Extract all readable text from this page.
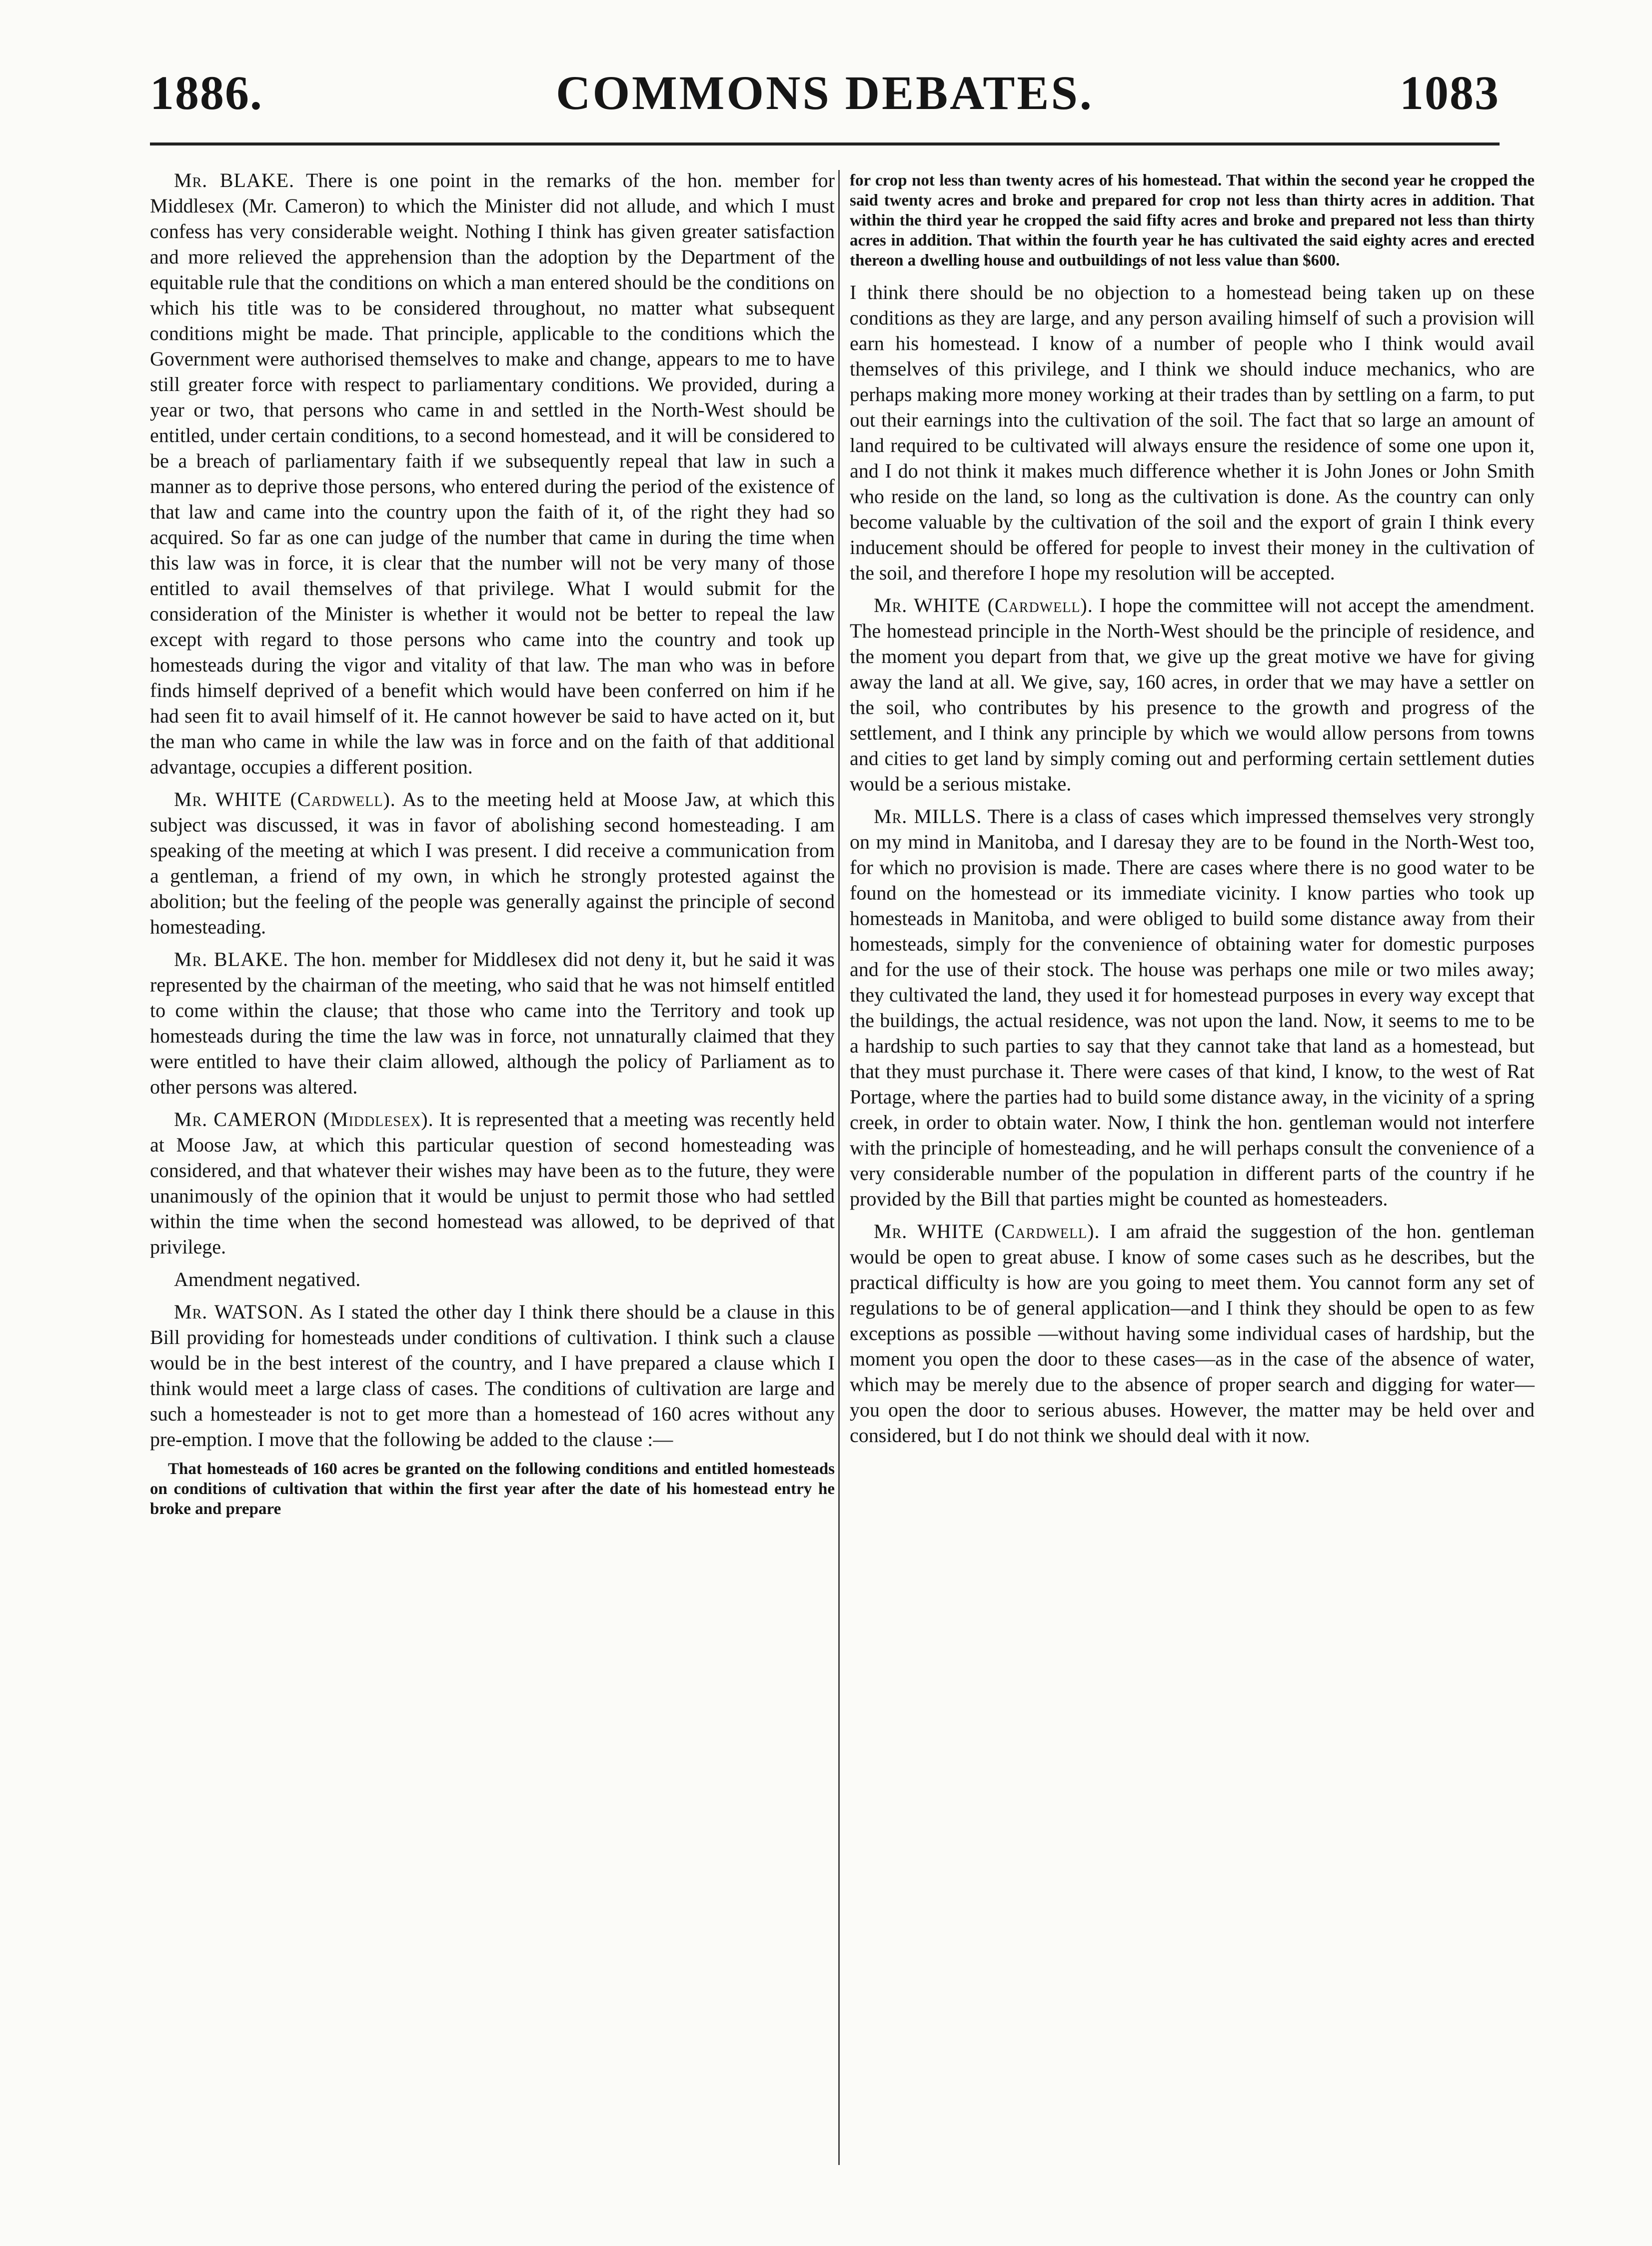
1886.	COMMONS DEBATES.	1083

Mr. BLAKE. There is one point in the remarks of the hon. member for Middlesex (Mr. Cameron) to which the Minister did not allude, and which I must confess has very considerable weight. Nothing I think has given greater satisfaction and more relieved the apprehension than the adoption by the Department of the equitable rule that the conditions on which a man entered should be the conditions on which his title was to be considered throughout, no matter what subsequent conditions might be made. That principle, applicable to the conditions which the Government were authorised themselves to make and change, appears to me to have still greater force with respect to parliamentary conditions. We provided, during a year or two, that persons who came in and settled in the North-West should be entitled, under certain conditions, to a second homestead, and it will be considered to be a breach of parliamentary faith if we subsequently repeal that law in such a manner as to deprive those persons, who entered during the period of the existence of that law and came into the country upon the faith of it, of the right they had so acquired. So far as one can judge of the number that came in during the time when this law was in force, it is clear that the number will not be very many of those entitled to avail themselves of that privilege. What I would submit for the consideration of the Minister is whether it would not be better to repeal the law except with regard to those persons who came into the country and took up homesteads during the vigor and vitality of that law. The man who was in before finds himself deprived of a benefit which would have been conferred on him if he had seen fit to avail himself of it. He cannot however be said to have acted on it, but the man who came in while the law was in force and on the faith of that additional advantage, occupies a different position.

Mr. WHITE (Cardwell). As to the meeting held at Moose Jaw, at which this subject was discussed, it was in favor of abolishing second homesteading. I am speaking of the meeting at which I was present. I did receive a communication from a gentleman, a friend of my own, in which he strongly protested against the abolition; but the feeling of the people was generally against the principle of second homesteading.

Mr. BLAKE. The hon. member for Middlesex did not deny it, but he said it was represented by the chairman of the meeting, who said that he was not himself entitled to come within the clause; that those who came into the Territory and took up homesteads during the time the law was in force, not unnaturally claimed that they were entitled to have their claim allowed, although the policy of Parliament as to other persons was altered.

Mr. CAMERON (Middlesex). It is represented that a meeting was recently held at Moose Jaw, at which this particular question of second homesteading was considered, and that whatever their wishes may have been as to the future, they were unanimously of the opinion that it would be unjust to permit those who had settled within the time when the second homestead was allowed, to be deprived of that privilege.

Amendment negatived.

Mr. WATSON. As I stated the other day I think there should be a clause in this Bill providing for homesteads under conditions of cultivation. I think such a clause would be in the best interest of the country, and I have prepared a clause which I think would meet a large class of cases. The conditions of cultivation are large and such a homesteader is not to get more than a homestead of 160 acres without any pre-emption. I move that the following be added to the clause :—

That homesteads of 160 acres be granted on the following conditions and entitled homesteads on conditions of cultivation that within the first year after the date of his homestead entry he broke and prepare

for crop not less than twenty acres of his homestead. That within the second year he cropped the said twenty acres and broke and prepared for crop not less than thirty acres in addition. That within the third year he cropped the said fifty acres and broke and prepared not less than thirty acres in addition. That within the fourth year he has cultivated the said eighty acres and erected thereon a dwelling house and outbuildings of not less value than $600.

I think there should be no objection to a homestead being taken up on these conditions as they are large, and any person availing himself of such a provision will earn his homestead. I know of a number of people who I think would avail themselves of this privilege, and I think we should induce mechanics, who are perhaps making more money working at their trades than by settling on a farm, to put out their earnings into the cultivation of the soil. The fact that so large an amount of land required to be cultivated will always ensure the residence of some one upon it, and I do not think it makes much difference whether it is John Jones or John Smith who reside on the land, so long as the cultivation is done. As the country can only become valuable by the cultivation of the soil and the export of grain I think every inducement should be offered for people to invest their money in the cultivation of the soil, and therefore I hope my resolution will be accepted.

Mr. WHITE (Cardwell). I hope the committee will not accept the amendment. The homestead principle in the North-West should be the principle of residence, and the moment you depart from that, we give up the great motive we have for giving away the land at all. We give, say, 160 acres, in order that we may have a settler on the soil, who contributes by his presence to the growth and progress of the settlement, and I think any principle by which we would allow persons from towns and cities to get land by simply coming out and performing certain settlement duties would be a serious mistake.

Mr. MILLS. There is a class of cases which impressed themselves very strongly on my mind in Manitoba, and I daresay they are to be found in the North-West too, for which no provision is made. There are cases where there is no good water to be found on the homestead or its immediate vicinity. I know parties who took up homesteads in Manitoba, and were obliged to build some distance away from their homesteads, simply for the convenience of obtaining water for domestic purposes and for the use of their stock. The house was perhaps one mile or two miles away; they cultivated the land, they used it for homestead purposes in every way except that the buildings, the actual residence, was not upon the land. Now, it seems to me to be a hardship to such parties to say that they cannot take that land as a homestead, but that they must purchase it. There were cases of that kind, I know, to the west of Rat Portage, where the parties had to build some distance away, in the vicinity of a spring creek, in order to obtain water. Now, I think the hon. gentleman would not interfere with the principle of homesteading, and he will perhaps consult the convenience of a very considerable number of the population in different parts of the country if he provided by the Bill that parties might be counted as homesteaders.

Mr. WHITE (Cardwell). I am afraid the suggestion of the hon. gentleman would be open to great abuse. I know of some cases such as he describes, but the practical difficulty is how are you going to meet them. You cannot form any set of regulations to be of general application—and I think they should be open to as few exceptions as possible —without having some individual cases of hardship, but the moment you open the door to these cases—as in the case of the absence of water, which may be merely due to the absence of proper search and digging for water—you open the door to serious abuses. However, the matter may be held over and considered, but I do not think we should deal with it now.
